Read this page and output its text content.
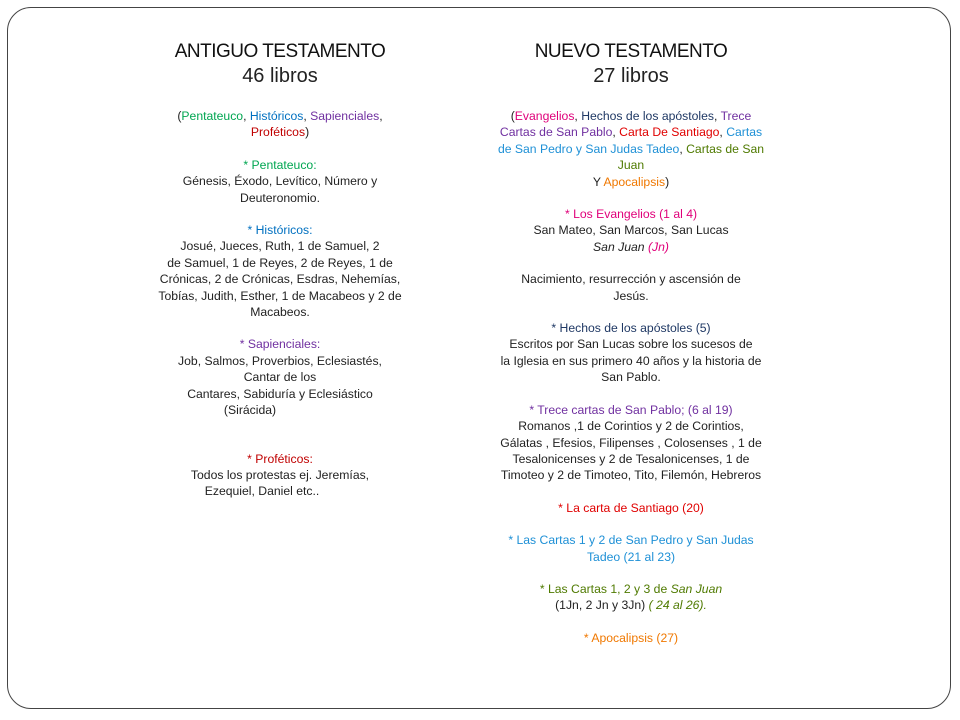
ANTIGUO TESTAMENTO
46 libros

(Pentateuco, Históricos, Sapienciales,
Proféticos)

* Pentateuco:

Génesis, Éxodo, Levítico, Número y Deuteronomio.

* Históricos:

Josué, Jueces, Ruth, 1 de Samuel, 2

de Samuel, 1 de Reyes, 2 de Reyes, 1 de

Crónicas, 2 de Crónicas, Esdras, Nehemías,

Tobías, Judith, Esther, 1 de Macabeos y 2 de

Macabeos.

* Sapienciales:

Job, Salmos, Proverbios, Eclesiastés,

Cantar de los

Cantares, Sabiduría y Eclesiástico

(Sirácida)

* Proféticos:

Todos los protestas ej. Jeremías,

Ezequiel, Daniel etc..

NUEVO TESTAMENTO
27 libros

(Evangelios, Hechos de los apóstoles, Trece
Cartas de San Pablo, Carta De Santiago, Cartas
de San Pedro y San Judas Tadeo, Cartas de San
Juan
Y Apocalipsis)

* Los Evangelios (1 al 4)

San Mateo, San Marcos, San Lucas

San Juan (Jn)

Nacimiento, resurrección y ascensión de

Jesús.

* Hechos de los apóstoles (5)

Escritos por San Lucas sobre los sucesos de

la Iglesia en sus primero 40 años y la historia de

San Pablo.

* Trece cartas de San Pablo; (6 al 19)

Romanos ,1 de Corintios y 2 de Corintios,

Gálatas , Efesios, Filipenses , Colosenses , 1 de

Tesalonicenses y 2 de Tesalonicenses, 1 de

Timoteo y 2 de Timoteo, Tito, Filemón, Hebreros

* La carta de Santiago (20)

* Las Cartas 1 y 2 de San Pedro y San Judas

Tadeo (21 al 23)

* Las Cartas 1, 2 y 3 de San Juan

(1Jn, 2 Jn y 3Jn) ( 24 al 26).

* Apocalipsis (27)
